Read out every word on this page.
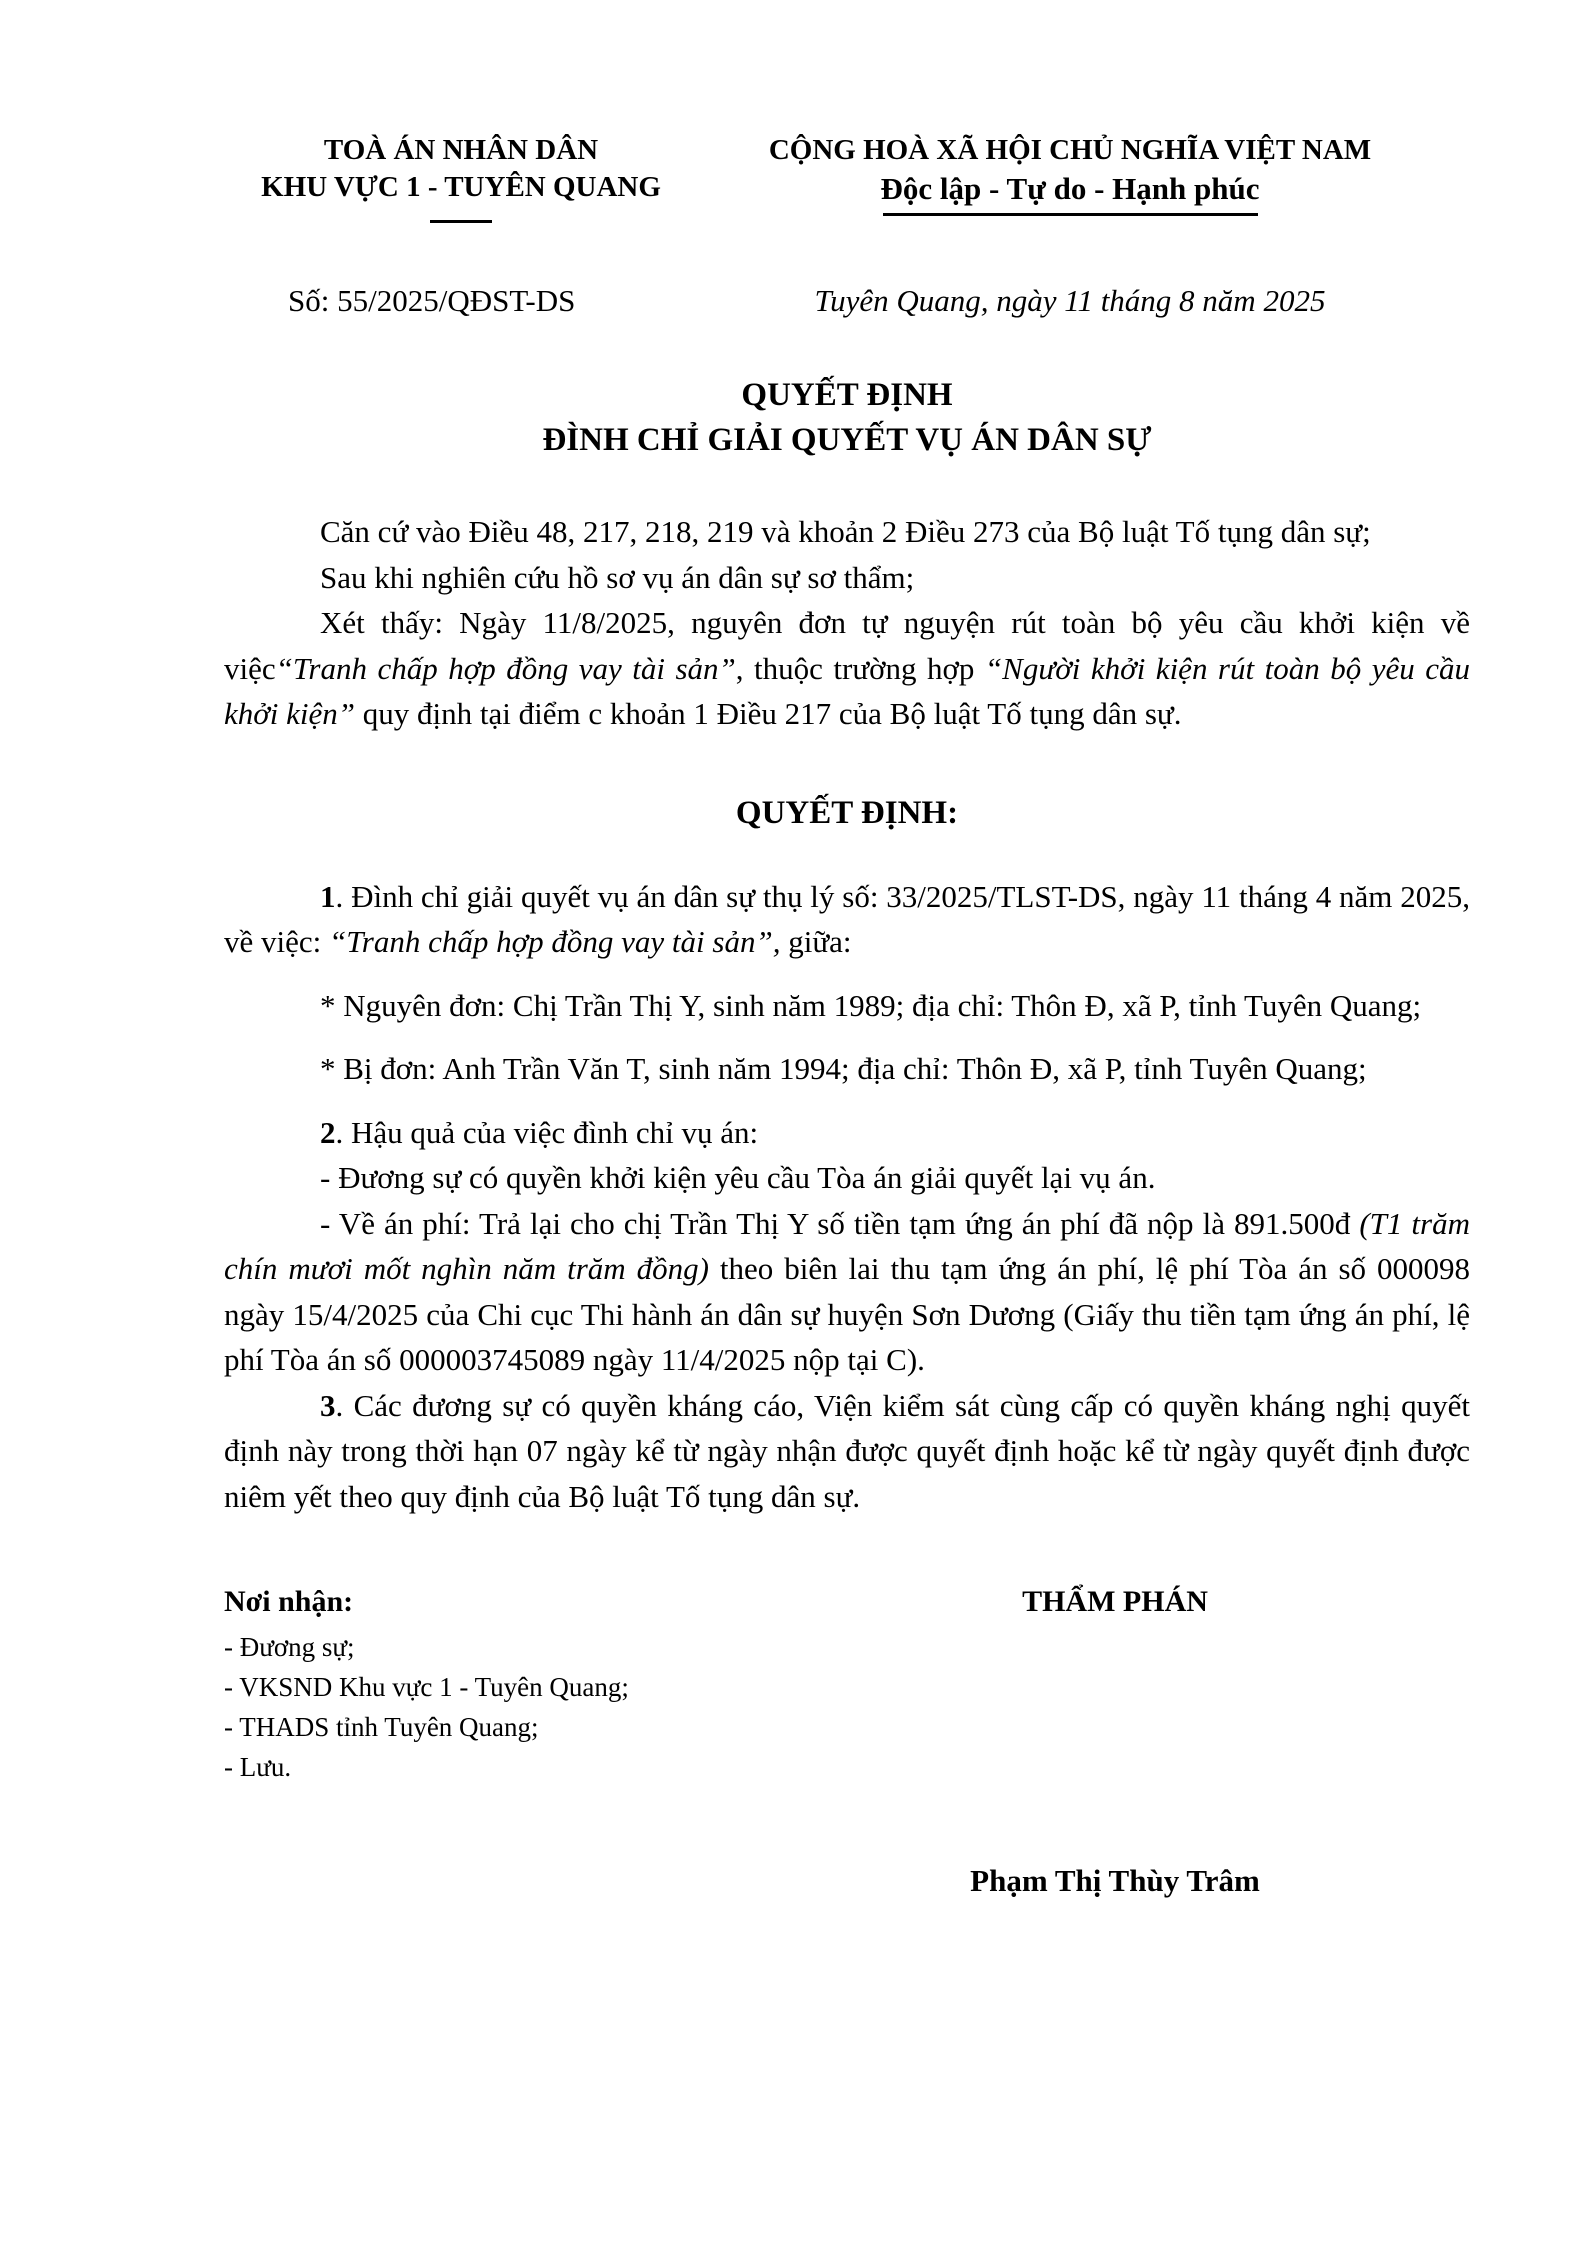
TOÀ ÁN NHÂN DÂN
KHU VỰC 1 - TUYÊN QUANG
CỘNG HOÀ XÃ HỘI CHỦ NGHĨA VIỆT NAM
Độc lập - Tự do - Hạnh phúc
Số: 55/2025/QĐST-DS	Tuyên Quang, ngày 11 tháng 8 năm 2025
QUYẾT ĐỊNH
ĐÌNH CHỈ GIẢI QUYẾT VỤ ÁN DÂN SỰ

Căn cứ vào Điều 48, 217, 218, 219 và khoản 2 Điều 273 của Bộ luật Tố tụng dân sự;

Sau khi nghiên cứu hồ sơ vụ án dân sự sơ thẩm;

Xét thấy: Ngày 11/8/2025, nguyên đơn tự nguyện rút toàn bộ yêu cầu khởi kiện về việc“Tranh chấp hợp đồng vay tài sản”, thuộc trường hợp “Người khởi kiện rút toàn bộ yêu cầu khởi kiện” quy định tại điểm c khoản 1 Điều 217 của Bộ luật Tố tụng dân sự.

QUYẾT ĐỊNH:

1. Đình chỉ giải quyết vụ án dân sự thụ lý số: 33/2025/TLST-DS, ngày 11 tháng 4 năm 2025, về việc: “Tranh chấp hợp đồng vay tài sản”, giữa:

* Nguyên đơn: Chị Trần Thị Y, sinh năm 1989; địa chỉ: Thôn Đ, xã P, tỉnh Tuyên Quang;

* Bị đơn: Anh Trần Văn T, sinh năm 1994; địa chỉ: Thôn Đ, xã P, tỉnh Tuyên Quang;

2. Hậu quả của việc đình chỉ vụ án:

- Đương sự có quyền khởi kiện yêu cầu Tòa án giải quyết lại vụ án.

- Về án phí: Trả lại cho chị Trần Thị Y số tiền tạm ứng án phí đã nộp là 891.500đ (T1 trăm chín mươi mốt nghìn năm trăm đồng) theo biên lai thu tạm ứng án phí, lệ phí Tòa án số 000098 ngày 15/4/2025 của Chi cục Thi hành án dân sự huyện Sơn Dương (Giấy thu tiền tạm ứng án phí, lệ phí Tòa án số 000003745089 ngày 11/4/2025 nộp tại C).

3. Các đương sự có quyền kháng cáo, Viện kiểm sát cùng cấp có quyền kháng nghị quyết định này trong thời hạn 07 ngày kể từ ngày nhận được quyết định hoặc kể từ ngày quyết định được niêm yết theo quy định của Bộ luật Tố tụng dân sự.

Nơi nhận:
- Đương sự;
- VKSND Khu vực 1 - Tuyên Quang;
- THADS tỉnh Tuyên Quang;
- Lưu.
THẨM PHÁN
Phạm Thị Thùy Trâm
